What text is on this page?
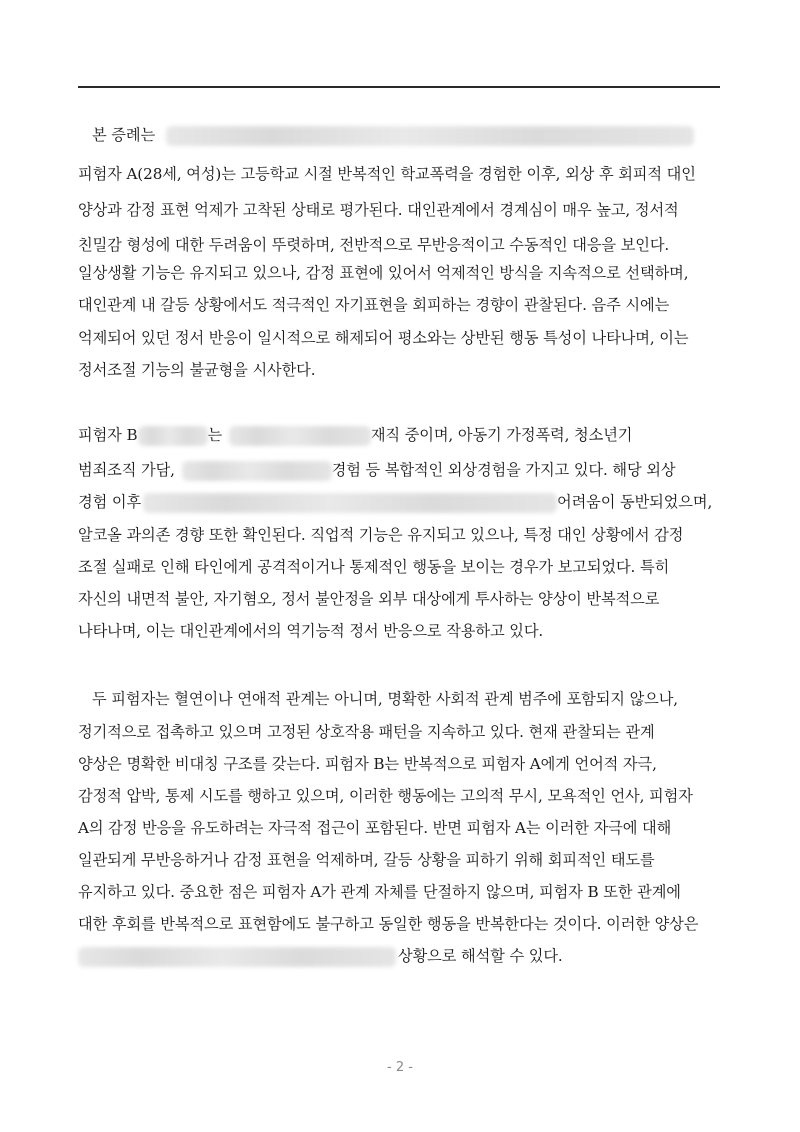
본 증례는
피험자 A(28세, 여성)는 고등학교 시절 반복적인 학교폭력을 경험한 이후, 외상 후 회피적 대인
양상과 감정 표현 억제가 고착된 상태로 평가된다. 대인관계에서 경계심이 매우 높고, 정서적
친밀감 형성에 대한 두려움이 뚜렷하며, 전반적으로 무반응적이고 수동적인 대응을 보인다.
일상생활 기능은 유지되고 있으나, 감정 표현에 있어서 억제적인 방식을 지속적으로 선택하며,
대인관계 내 갈등 상황에서도 적극적인 자기표현을 회피하는 경향이 관찰된다. 음주 시에는
억제되어 있던 정서 반응이 일시적으로 해제되어 평소와는 상반된 행동 특성이 나타나며, 이는
정서조절 기능의 불균형을 시사한다.
피험자 B	는	재직 중이며, 아동기 가정폭력, 청소년기
범죄조직 가담,	경험 등 복합적인 외상경험을 가지고 있다. 해당 외상
경험 이후	어려움이 동반되었으며,
알코올 과의존 경향 또한 확인된다. 직업적 기능은 유지되고 있으나, 특정 대인 상황에서 감정
조절 실패로 인해 타인에게 공격적이거나 통제적인 행동을 보이는 경우가 보고되었다. 특히
자신의 내면적 불안, 자기혐오, 정서 불안정을 외부 대상에게 투사하는 양상이 반복적으로
나타나며, 이는 대인관계에서의 역기능적 정서 반응으로 작용하고 있다.
두 피험자는 혈연이나 연애적 관계는 아니며, 명확한 사회적 관계 범주에 포함되지 않으나,
정기적으로 접촉하고 있으며 고정된 상호작용 패턴을 지속하고 있다. 현재 관찰되는 관계
양상은 명확한 비대칭 구조를 갖는다. 피험자 B는 반복적으로 피험자 A에게 언어적 자극,
감정적 압박, 통제 시도를 행하고 있으며, 이러한 행동에는 고의적 무시, 모욕적인 언사, 피험자
A의 감정 반응을 유도하려는 자극적 접근이 포함된다. 반면 피험자 A는 이러한 자극에 대해
일관되게 무반응하거나 감정 표현을 억제하며, 갈등 상황을 피하기 위해 회피적인 태도를
유지하고 있다. 중요한 점은 피험자 A가 관계 자체를 단절하지 않으며, 피험자 B 또한 관계에
대한 후회를 반복적으로 표현함에도 불구하고 동일한 행동을 반복한다는 것이다. 이러한 양상은
상황으로 해석할 수 있다.
- 2 -
